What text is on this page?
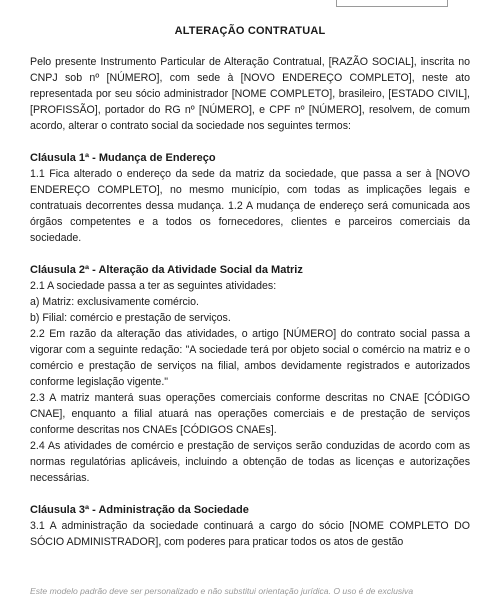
ALTERAÇÃO CONTRATUAL

Pelo presente Instrumento Particular de Alteração Contratual, [RAZÃO SOCIAL], inscrita no CNPJ sob nº [NÚMERO], com sede à [NOVO ENDEREÇO COMPLETO], neste ato representada por seu sócio administrador [NOME COMPLETO], brasileiro, [ESTADO CIVIL], [PROFISSÃO], portador do RG nº [NÚMERO], e CPF nº [NÚMERO], resolvem, de comum acordo, alterar o contrato social da sociedade nos seguintes termos:

Cláusula 1ª - Mudança de Endereço

1.1 Fica alterado o endereço da sede da matriz da sociedade, que passa a ser à [NOVO ENDEREÇO COMPLETO], no mesmo município, com todas as implicações legais e contratuais decorrentes dessa mudança. 1.2 A mudança de endereço será comunicada aos órgãos competentes e a todos os fornecedores, clientes e parceiros comerciais da sociedade.

Cláusula 2ª - Alteração da Atividade Social da Matriz

2.1 A sociedade passa a ter as seguintes atividades:

a) Matriz: exclusivamente comércio.

b) Filial: comércio e prestação de serviços.

2.2 Em razão da alteração das atividades, o artigo [NÚMERO] do contrato social passa a vigorar com a seguinte redação: "A sociedade terá por objeto social o comércio na matriz e o comércio e prestação de serviços na filial, ambos devidamente registrados e autorizados conforme legislação vigente."

2.3 A matriz manterá suas operações comerciais conforme descritas no CNAE [CÓDIGO CNAE], enquanto a filial atuará nas operações comerciais e de prestação de serviços conforme descritas nos CNAEs [CÓDIGOS CNAEs].

2.4 As atividades de comércio e prestação de serviços serão conduzidas de acordo com as normas regulatórias aplicáveis, incluindo a obtenção de todas as licenças e autorizações necessárias.

Cláusula 3ª - Administração da Sociedade

3.1 A administração da sociedade continuará a cargo do sócio [NOME COMPLETO DO SÓCIO ADMINISTRADOR], com poderes para praticar todos os atos de gestão

Este modelo padrão deve ser personalizado e não substitui orientação jurídica. O uso é de exclusiva
